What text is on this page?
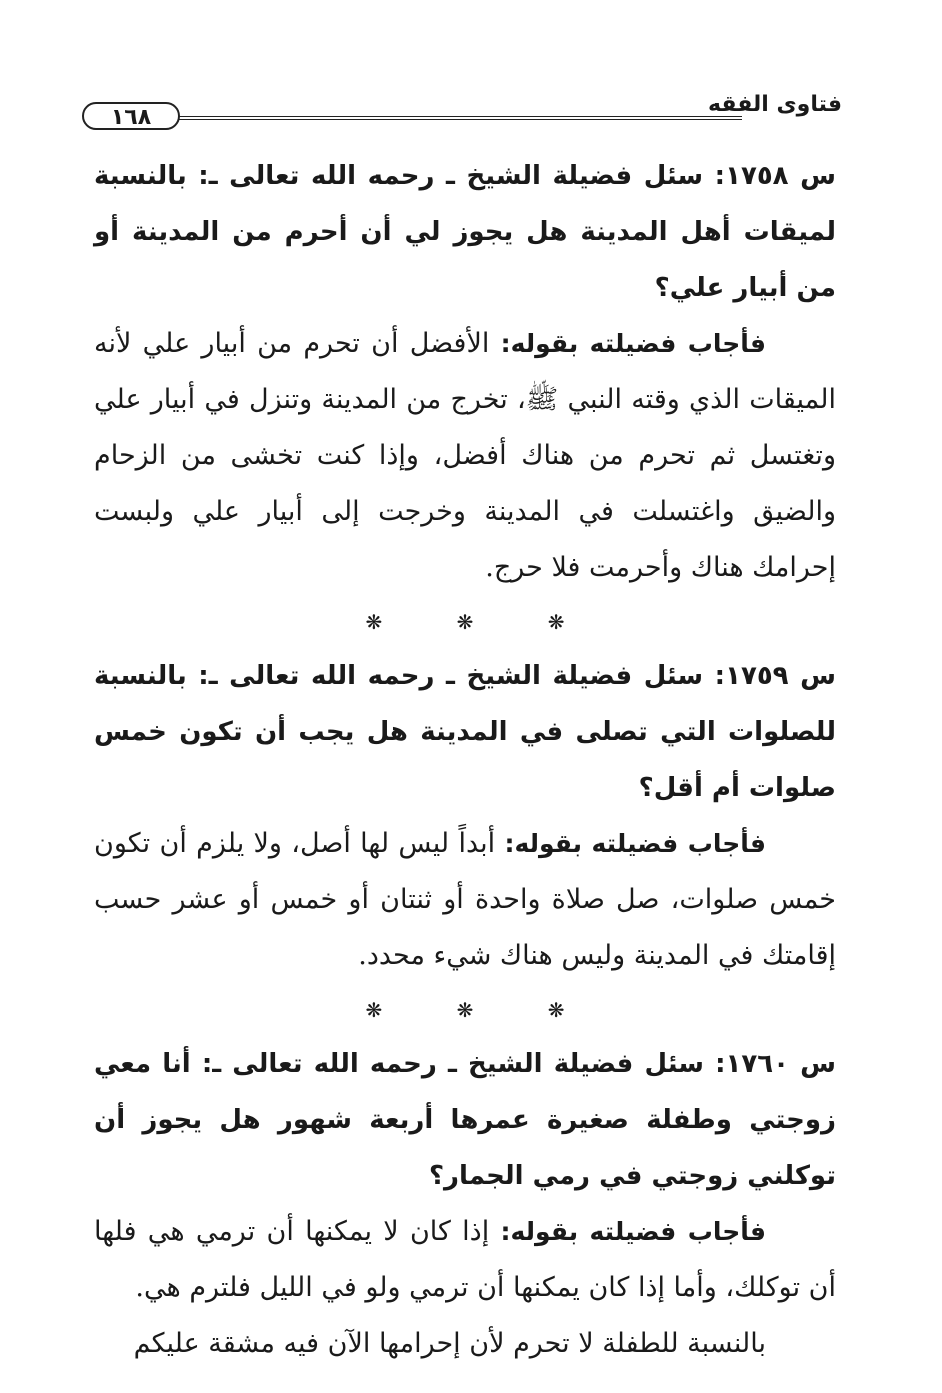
فتاوى الفقه
١٦٨

س ١٧٥٨: سئل فضيلة الشيخ ـ رحمه الله تعالى ـ: بالنسبة لميقات أهل المدينة هل يجوز لي أن أحرم من المدينة أو من أبيار علي؟

فأجاب فضيلته بقوله: الأفضل أن تحرم من أبيار علي لأنه الميقات الذي وقته النبي ﷺ، تخرج من المدينة وتنزل في أبيار علي وتغتسل ثم تحرم من هناك أفضل، وإذا كنت تخشى من الزحام والضيق واغتسلت في المدينة وخرجت إلى أبيار علي ولبست إحرامك هناك وأحرمت فلا حرج.

❋ ❋ ❋

س ١٧٥٩: سئل فضيلة الشيخ ـ رحمه الله تعالى ـ: بالنسبة للصلوات التي تصلى في المدينة هل يجب أن تكون خمس صلوات أم أقل؟

فأجاب فضيلته بقوله: أبداً ليس لها أصل، ولا يلزم أن تكون خمس صلوات، صل صلاة واحدة أو ثنتان أو خمس أو عشر حسب إقامتك في المدينة وليس هناك شيء محدد.

❋ ❋ ❋

س ١٧٦٠: سئل فضيلة الشيخ ـ رحمه الله تعالى ـ: أنا معي زوجتي وطفلة صغيرة عمرها أربعة شهور هل يجوز أن توكلني زوجتي في رمي الجمار؟

فأجاب فضيلته بقوله: إذا كان لا يمكنها أن ترمي هي فلها أن توكلك، وأما إذا كان يمكنها أن ترمي ولو في الليل فلترم هي.

بالنسبة للطفلة لا تحرم لأن إحرامها الآن فيه مشقة عليكم
